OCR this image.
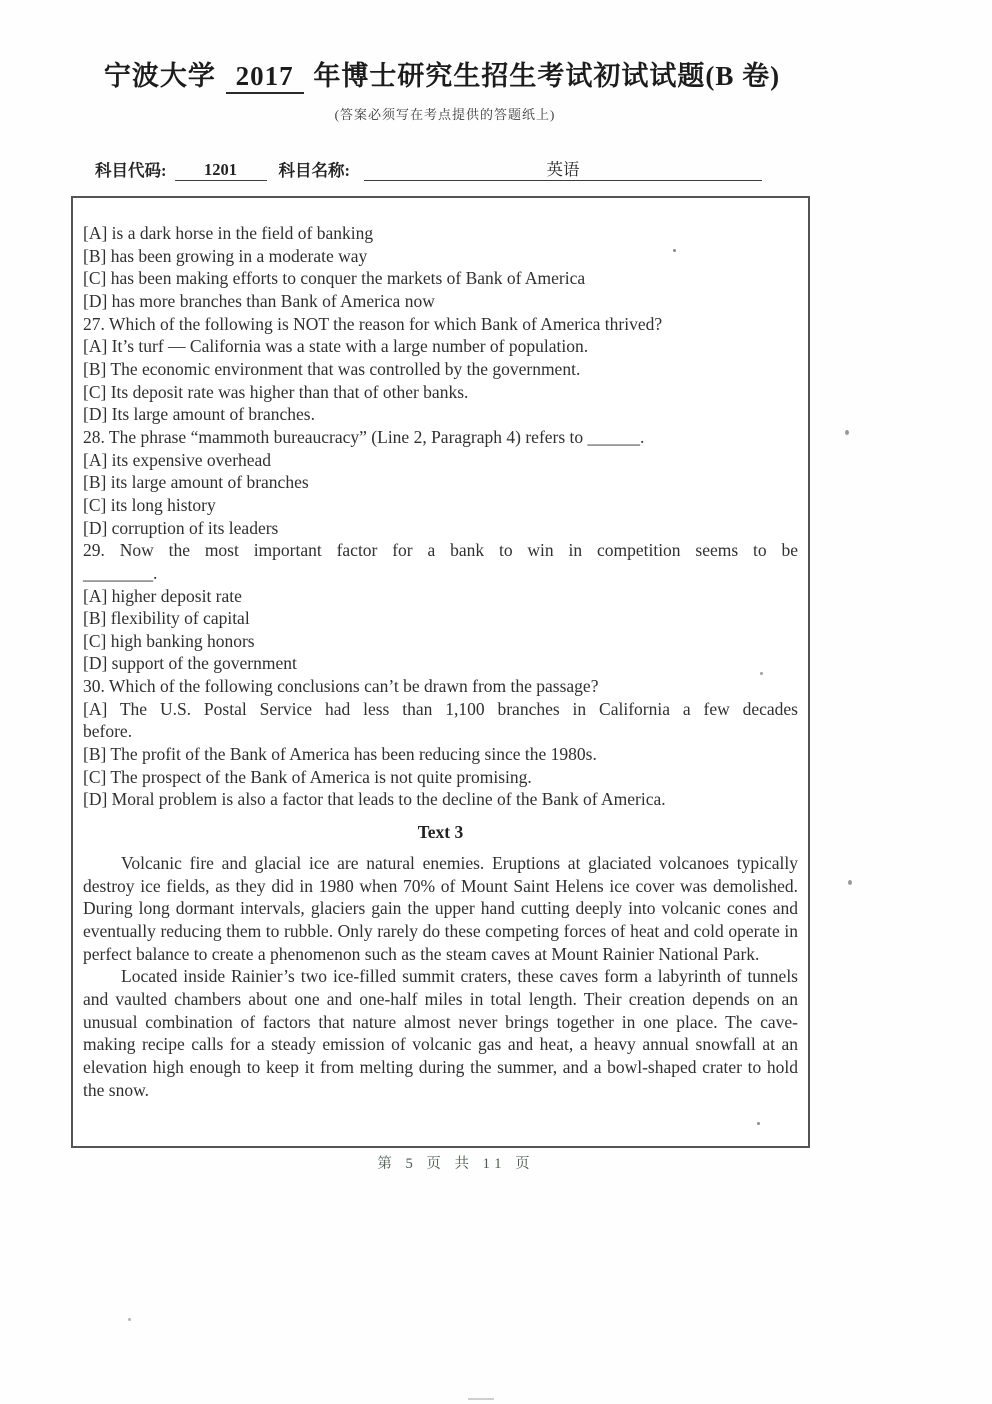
宁波大学 2017 年博士研究生招生考试初试试题(B 卷)
(答案必须写在考点提供的答题纸上)
科目代码:	1201	科目名称:	英语
[A] is a dark horse in the field of banking
[B] has been growing in a moderate way
[C] has been making efforts to conquer the markets of Bank of America
[D] has more branches than Bank of America now
27. Which of the following is NOT the reason for which Bank of America thrived?
[A] It’s turf — California was a state with a large number of population.
[B] The economic environment that was controlled by the government.
[C] Its deposit rate was higher than that of other banks.
[D] Its large amount of branches.
28. The phrase “mammoth bureaucracy” (Line 2, Paragraph 4) refers to ______.
[A] its expensive overhead
[B] its large amount of branches
[C] its long history
[D] corruption of its leaders
29. Now the most important factor for a bank to win in competition seems to be
________.
[A] higher deposit rate
[B] flexibility of capital
[C] high banking honors
[D] support of the government
30. Which of the following conclusions can’t be drawn from the passage?
[A] The U.S. Postal Service had less than 1,100 branches in California a few decades
before.
[B] The profit of the Bank of America has been reducing since the 1980s.
[C] The prospect of the Bank of America is not quite promising.
[D] Moral problem is also a factor that leads to the decline of the Bank of America.
Text 3

Volcanic fire and glacial ice are natural enemies. Eruptions at glaciated volcanoes typically destroy ice fields, as they did in 1980 when 70% of Mount Saint Helens ice cover was demolished. During long dormant intervals, glaciers gain the upper hand cutting deeply into volcanic cones and eventually reducing them to rubble. Only rarely do these competing forces of heat and cold operate in perfect balance to create a phenomenon such as the steam caves at Mount Rainier National Park.

Located inside Rainier’s two ice-filled summit craters, these caves form a labyrinth of tunnels and vaulted chambers about one and one-half miles in total length. Their creation depends on an unusual combination of factors that nature almost never brings together in one place. The cave-making recipe calls for a steady emission of volcanic gas and heat, a heavy annual snowfall at an elevation high enough to keep it from melting during the summer, and a bowl-shaped crater to hold the snow.

第 5 页 共 11 页
